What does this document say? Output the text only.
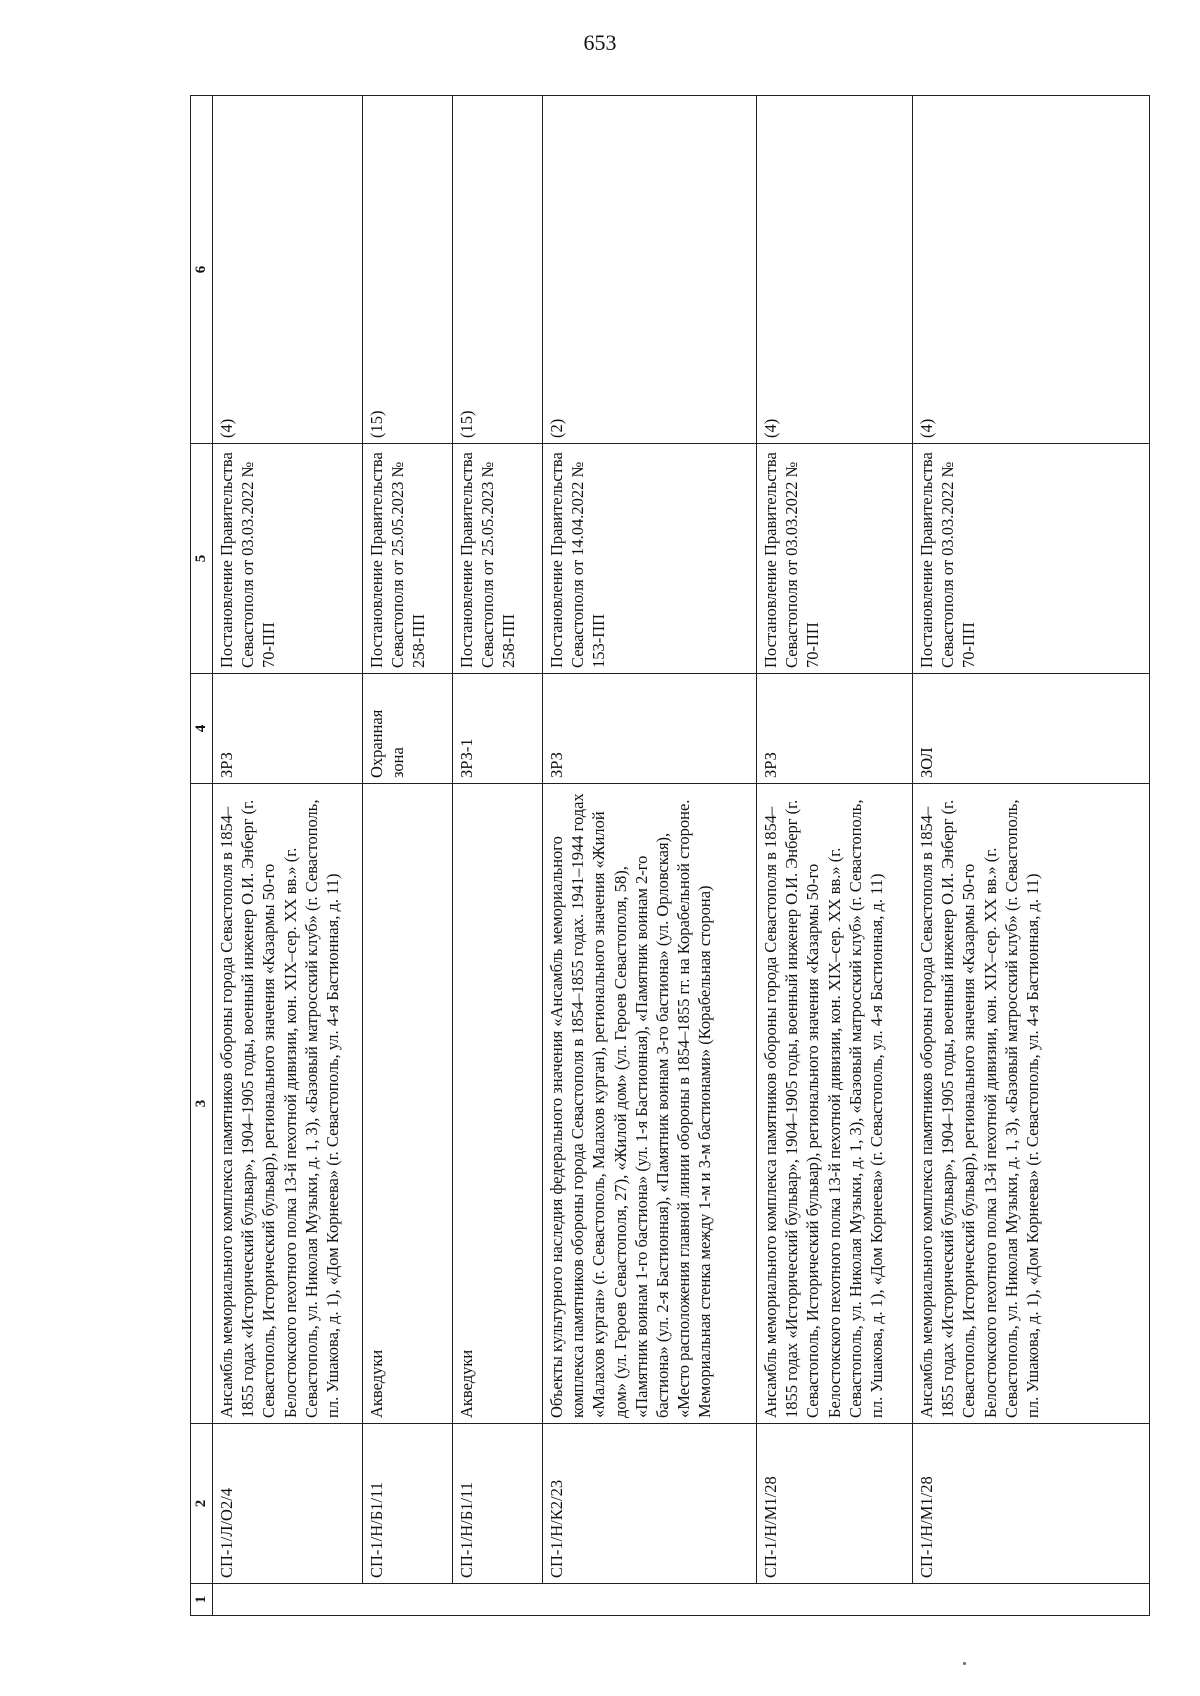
653
1	2	3	4	5	6
	СП-1/Л/О2/4	Ансамбль мемориального комплекса памятников обороны города Севастополя в 1854–1855 годах «Исторический бульвар», 1904–1905 годы, военный инженер О.И. Энберг (г. Севастополь, Исторический бульвар), регионального значения «Казармы 50-го Белостокского пехотного полка 13-й пехотной дивизии, кон. XIX–сер. XX вв.» (г. Севастополь, ул. Николая Музыки, д. 1, 3), «Базовый матросский клуб» (г. Севастополь, пл. Ушакова, д. 1), «Дом Корнеева» (г. Севастополь, ул. 4-я Бастионная, д. 11)	ЗРЗ	Постановление Правительства Севастополя от 03.03.2022 № 70-ПП	(4)
	СП-1/Н/Б1/11	Акведуки	Охранная зона	Постановление Правительства Севастополя от 25.05.2023 № 258-ПП	(15)
	СП-1/Н/Б1/11	Акведуки	ЗРЗ-1	Постановление Правительства Севастополя от 25.05.2023 № 258-ПП	(15)
	СП-1/Н/К2/23	Объекты культурного наследия федерального значения «Ансамбль мемориального комплекса памятников обороны города Севастополя в 1854–1855 годах. 1941–1944 годах «Малахов курган» (г. Севастополь, Малахов курган), регионального значения «Жилой дом» (ул. Героев Севастополя, 27), «Жилой дом» (ул. Героев Севастополя, 58), «Памятник воинам 1-го бастиона» (ул. 1-я Бастионная), «Памятник воинам 2-го бастиона» (ул. 2-я Бастионная), «Памятник воинам 3-го бастиона» (ул. Орловская), «Место расположения главной линии обороны в 1854–1855 гг. на Корабельной стороне. Мемориальная стенка между 1-м и 3-м бастионами» (Корабельная сторона)	ЗРЗ	Постановление Правительства Севастополя от 14.04.2022 № 153-ПП	(2)
	СП-1/Н/М1/28	Ансамбль мемориального комплекса памятников обороны города Севастополя в 1854–1855 годах «Исторический бульвар», 1904–1905 годы, военный инженер О.И. Энберг (г. Севастополь, Исторический бульвар), регионального значения «Казармы 50-го Белостокского пехотного полка 13-й пехотной дивизии, кон. XIX–сер. XX вв.» (г. Севастополь, ул. Николая Музыки, д. 1, 3), «Базовый матросский клуб» (г. Севастополь, пл. Ушакова, д. 1), «Дом Корнеева» (г. Севастополь, ул. 4-я Бастионная, д. 11)	ЗРЗ	Постановление Правительства Севастополя от 03.03.2022 № 70-ПП	(4)
	СП-1/Н/М1/28	Ансамбль мемориального комплекса памятников обороны города Севастополя в 1854–1855 годах «Исторический бульвар», 1904–1905 годы, военный инженер О.И. Энберг (г. Севастополь, Исторический бульвар), регионального значения «Казармы 50-го Белостокского пехотного полка 13-й пехотной дивизии, кон. XIX–сер. XX вв.» (г. Севастополь, ул. Николая Музыки, д. 1, 3), «Базовый матросский клуб» (г. Севастополь, пл. Ушакова, д. 1), «Дом Корнеева» (г. Севастополь, ул. 4-я Бастионная, д. 11)	ЗОЛ	Постановление Правительства Севастополя от 03.03.2022 № 70-ПП	(4)
